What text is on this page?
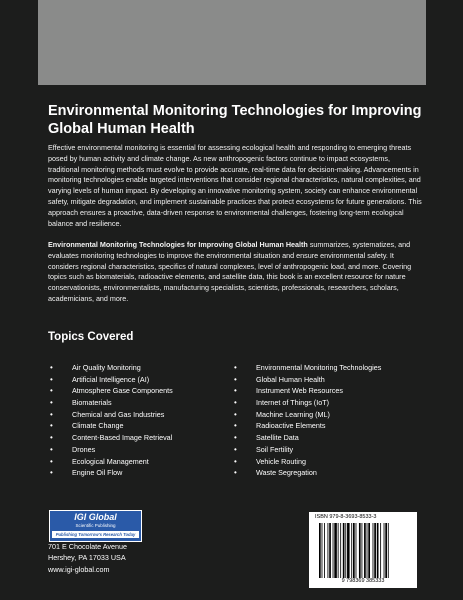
Environmental Monitoring Technologies for Improving Global Human Health

Effective environmental monitoring is essential for assessing ecological health and responding to emerging threats posed by human activity and climate change. As new anthropogenic factors continue to impact ecosystems, traditional monitoring methods must evolve to provide accurate, real-time data for decision-making. Advancements in monitoring technologies enable targeted interventions that consider regional characteristics, natural complexities, and varying levels of human impact. By developing an innovative monitoring system, society can enhance environmental safety, mitigate degradation, and implement sustainable practices that protect ecosystems for future generations. This approach ensures a proactive, data-driven response to environmental challenges, fostering long-term ecological balance and resilience.

Environmental Monitoring Technologies for Improving Global Human Health summarizes, systematizes, and evaluates monitoring technologies to improve the environmental situation and ensure environmental safety. It considers regional characteristics, specifics of natural complexes, level of anthropogenic load, and more. Covering topics such as biomaterials, radioactive elements, and satellite data, this book is an excellent resource for nature conservationists, environmentalists, manufacturing specialists, scientists, professionals, researchers, scholars, academicians, and more.

Topics Covered
• Air Quality Monitoring
• Artificial Intelligence (AI)
• Atmosphere Gase Components
• Biomaterials
• Chemical and Gas Industries
• Climate Change
• Content-Based Image Retrieval
• Drones
• Ecological Management
• Engine Oil Flow
• Environmental Monitoring Technologies
• Global Human Health
• Instrument Web Resources
• Internet of Things (IoT)
• Machine Learning (ML)
• Radioactive Elements
• Satellite Data
• Soil Fertility
• Vehicle Routing
• Waste Segregation
IGI Global
Scientific Publishing
Publishing Tomorrow's Research Today
701 E Chocolate Avenue
Hershey, PA 17033 USA
www.igi-global.com
ISBN 979-8-3693-8533-3
9 798369 385333
